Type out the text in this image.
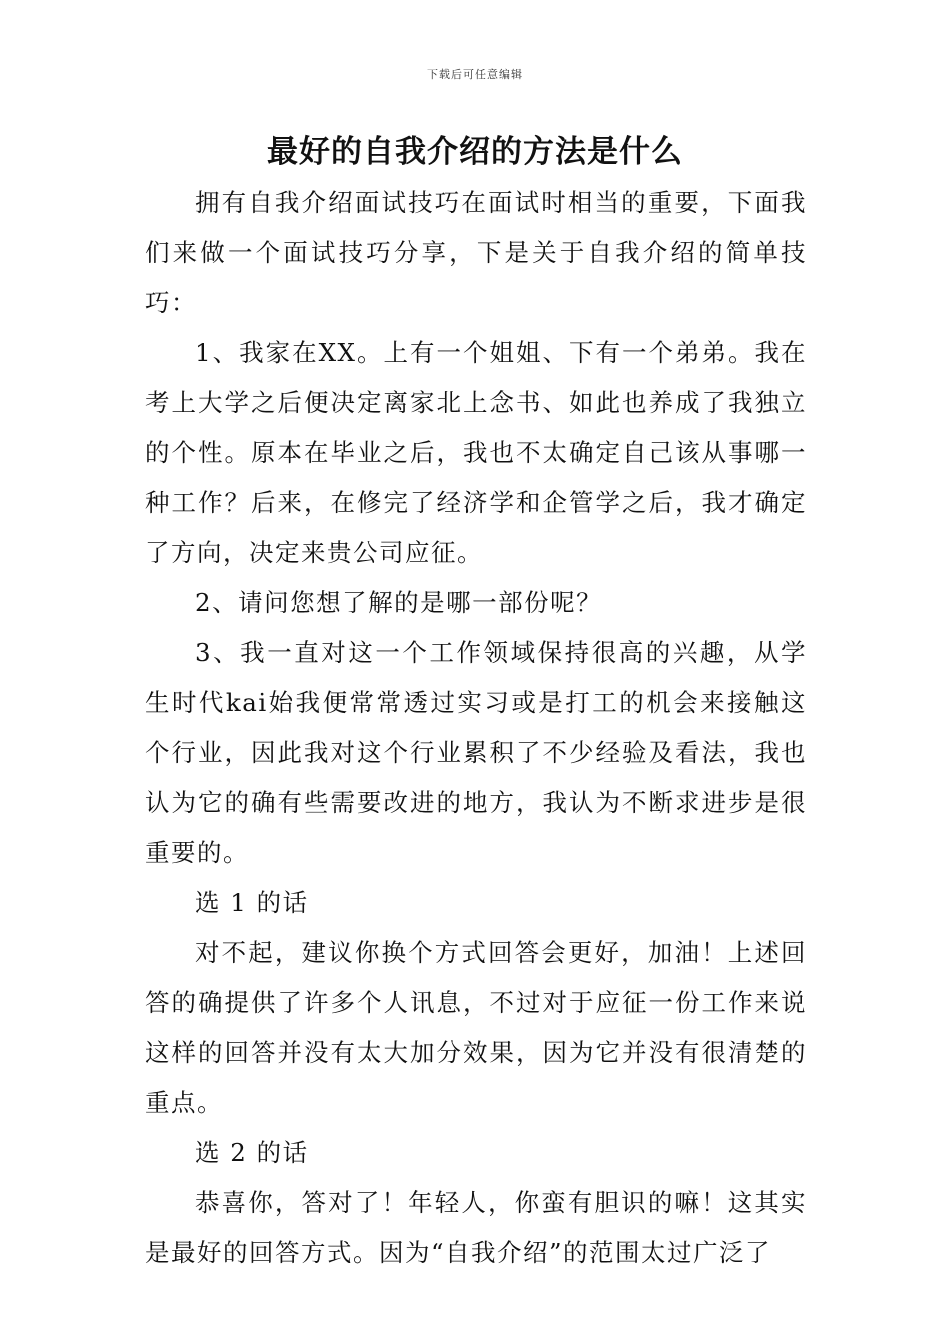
下载后可任意编辑
最好的自我介绍的方法是什么

拥有自我介绍面试技巧在面试时相当的重要，下面我们来做一个面试技巧分享，下是关于自我介绍的简单技巧：

1、我家在XX。上有一个姐姐、下有一个弟弟。我在考上大学之后便决定离家北上念书、如此也养成了我独立的个性。原本在毕业之后，我也不太确定自己该从事哪一种工作？后来，在修完了经济学和企管学之后，我才确定了方向，决定来贵公司应征。

2、请问您想了解的是哪一部份呢？

3、我一直对这一个工作领域保持很高的兴趣，从学生时代kai始我便常常透过实习或是打工的机会来接触这个行业，因此我对这个行业累积了不少经验及看法，我也认为它的确有些需要改进的地方，我认为不断求进步是很重要的。

选 1 的话

对不起，建议你换个方式回答会更好，加油！上述回答的确提供了许多个人讯息，不过对于应征一份工作来说这样的回答并没有太大加分效果，因为它并没有很清楚的重点。

选 2 的话

恭喜你，答对了！年轻人，你蛮有胆识的嘛！这其实是最好的回答方式。因为“自我介绍”的范围太过广泛了
